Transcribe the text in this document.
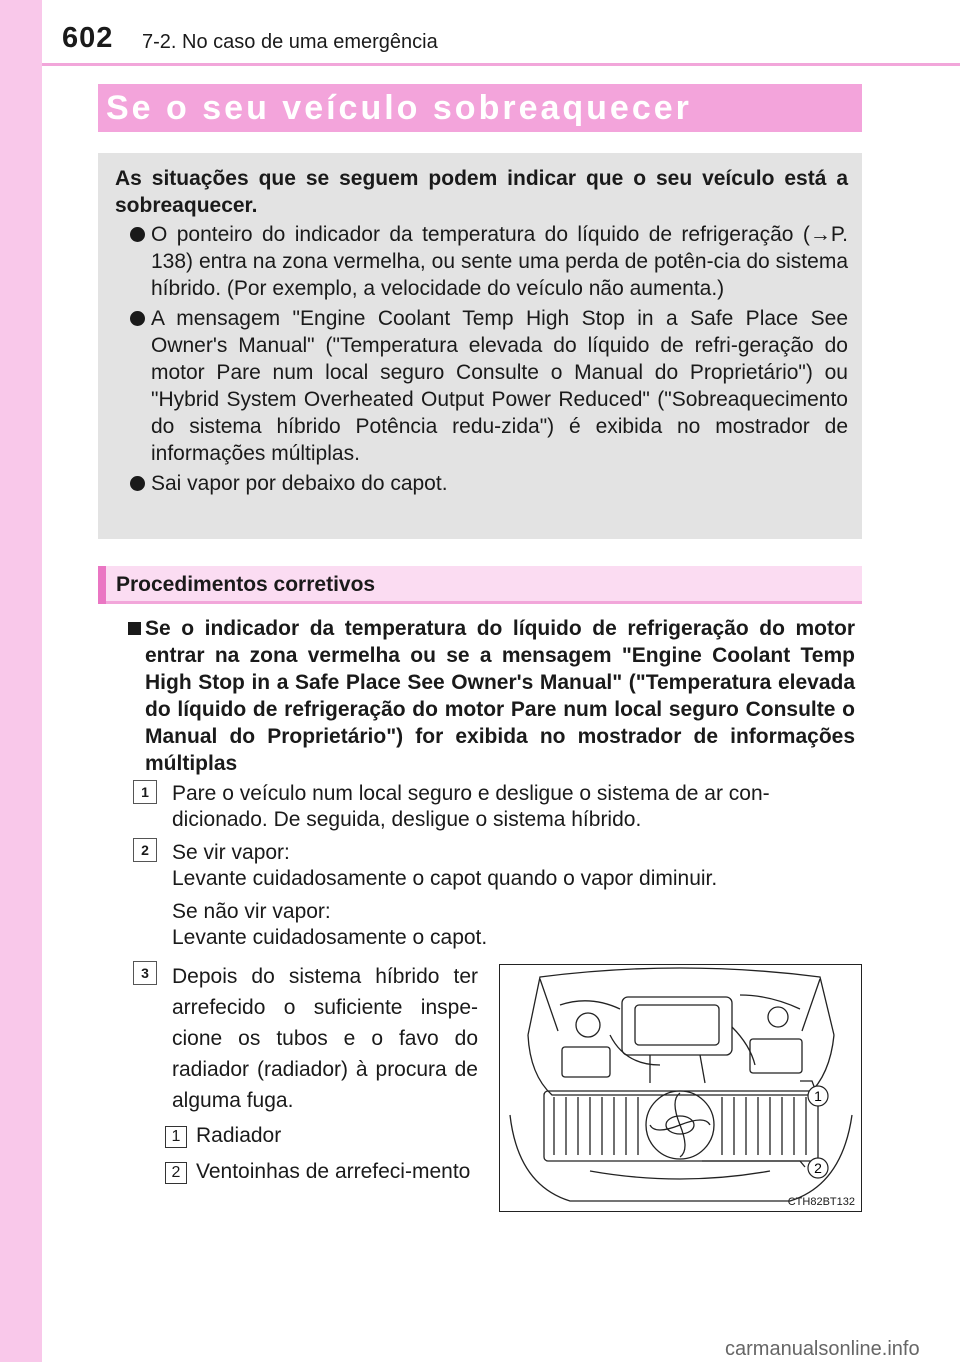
602 7-2. No caso de uma emergência
Se o seu veículo sobreaquecer

As situações que se seguem podem indicar que o seu veículo está a sobreaquecer.

O ponteiro do indicador da temperatura do líquido de refrigeração (→P. 138) entra na zona vermelha, ou sente uma perda de potên-cia do sistema híbrido. (Por exemplo, a velocidade do veículo não aumenta.)

A mensagem "Engine Coolant Temp High Stop in a Safe Place See Owner's Manual" ("Temperatura elevada do líquido de refri-geração do motor Pare num local seguro Consulte o Manual do Proprietário") ou "Hybrid System Overheated Output Power Reduced" ("Sobreaquecimento do sistema híbrido Potência redu-zida") é exibida no mostrador de informações múltiplas.

Sai vapor por debaixo do capot.

Procedimentos corretivos
Se o indicador da temperatura do líquido de refrigeração do motor entrar na zona vermelha ou se a mensagem "Engine Coolant Temp High Stop in a Safe Place See Owner's Manual" ("Temperatura elevada do líquido de refrigeração do motor Pare num local seguro Consulte o Manual do Proprietário") for exibida no mostrador de informações múltiplas
1	Pare o veículo num local seguro e desligue o sistema de ar con-
dicionado. De seguida, desligue o sistema híbrido.
2	Se vir vapor:
Levante cuidadosamente o capot quando o vapor diminuir.
Se não vir vapor:
Levante cuidadosamente o capot.
3	Depois do sistema híbrido ter arrefecido o suficiente inspe-cione os tubos e o favo do radiador (radiador) à procura de alguma fuga.
1 Radiador
2 Ventoinhas de arrefeci-mento
1
2
CTH82BT132
carmanualsonline.info
